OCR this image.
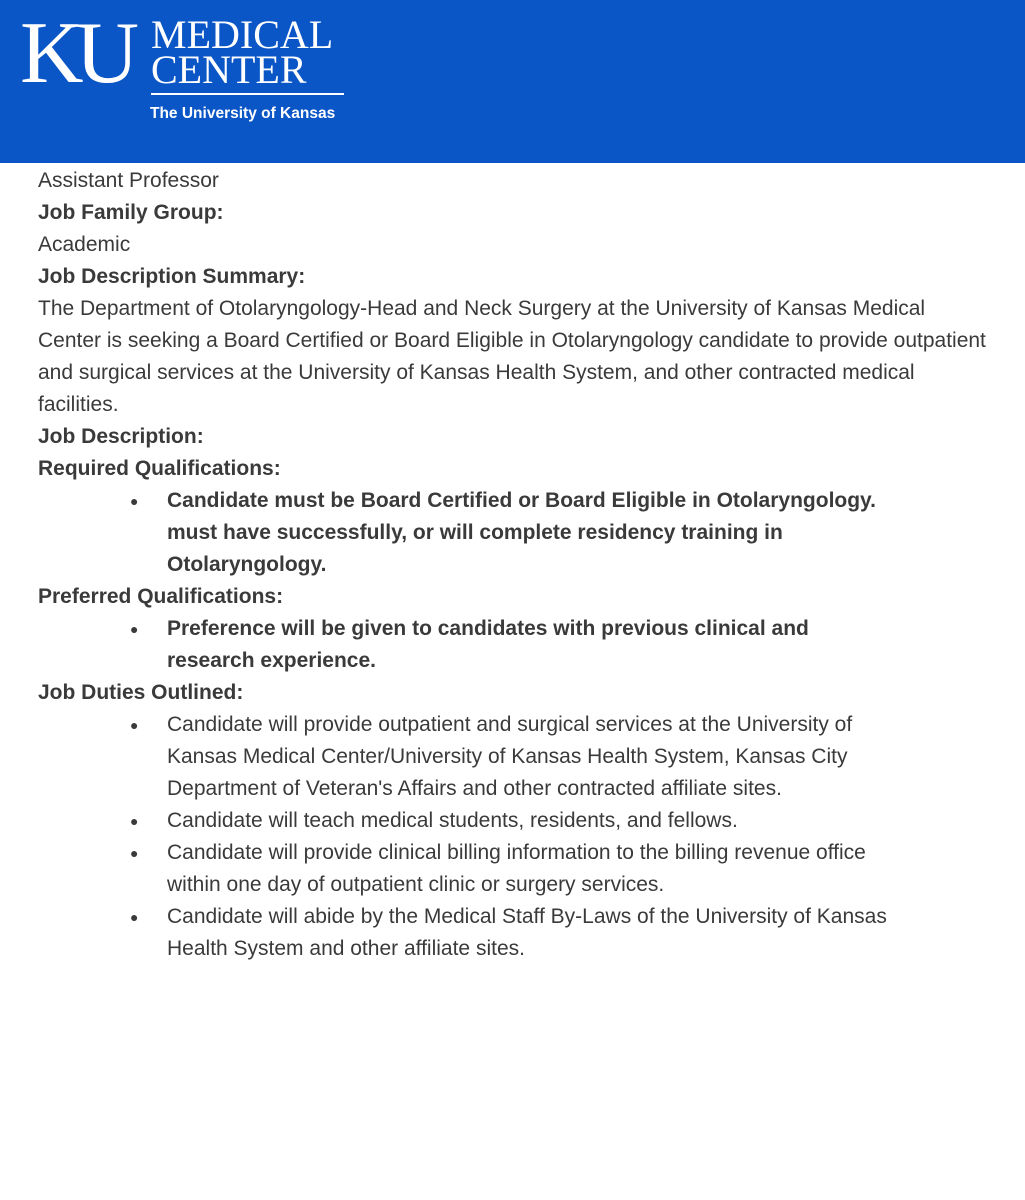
KU MEDICAL
CENTER
The University of Kansas

Assistant Professor

Job Family Group:

Academic

Job Description Summary:

The Department of Otolaryngology-Head and Neck Surgery at the University of Kansas Medical Center is seeking a Board Certified or Board Eligible in Otolaryngology candidate to provide outpatient and surgical services at the University of Kansas Health System, and other contracted medical facilities.

Job Description:

Required Qualifications:

● Candidate must be Board Certified or Board Eligible in Otolaryngology. must have successfully, or will complete residency training in Otolaryngology.

Preferred Qualifications:

● Preference will be given to candidates with previous clinical and research experience.

Job Duties Outlined:

● Candidate will provide outpatient and surgical services at the University of Kansas Medical Center/University of Kansas Health System, Kansas City Department of Veteran's Affairs and other contracted affiliate sites.
● Candidate will teach medical students, residents, and fellows.
● Candidate will provide clinical billing information to the billing revenue office within one day of outpatient clinic or surgery services.
● Candidate will abide by the Medical Staff By-Laws of the University of Kansas Health System and other affiliate sites.
